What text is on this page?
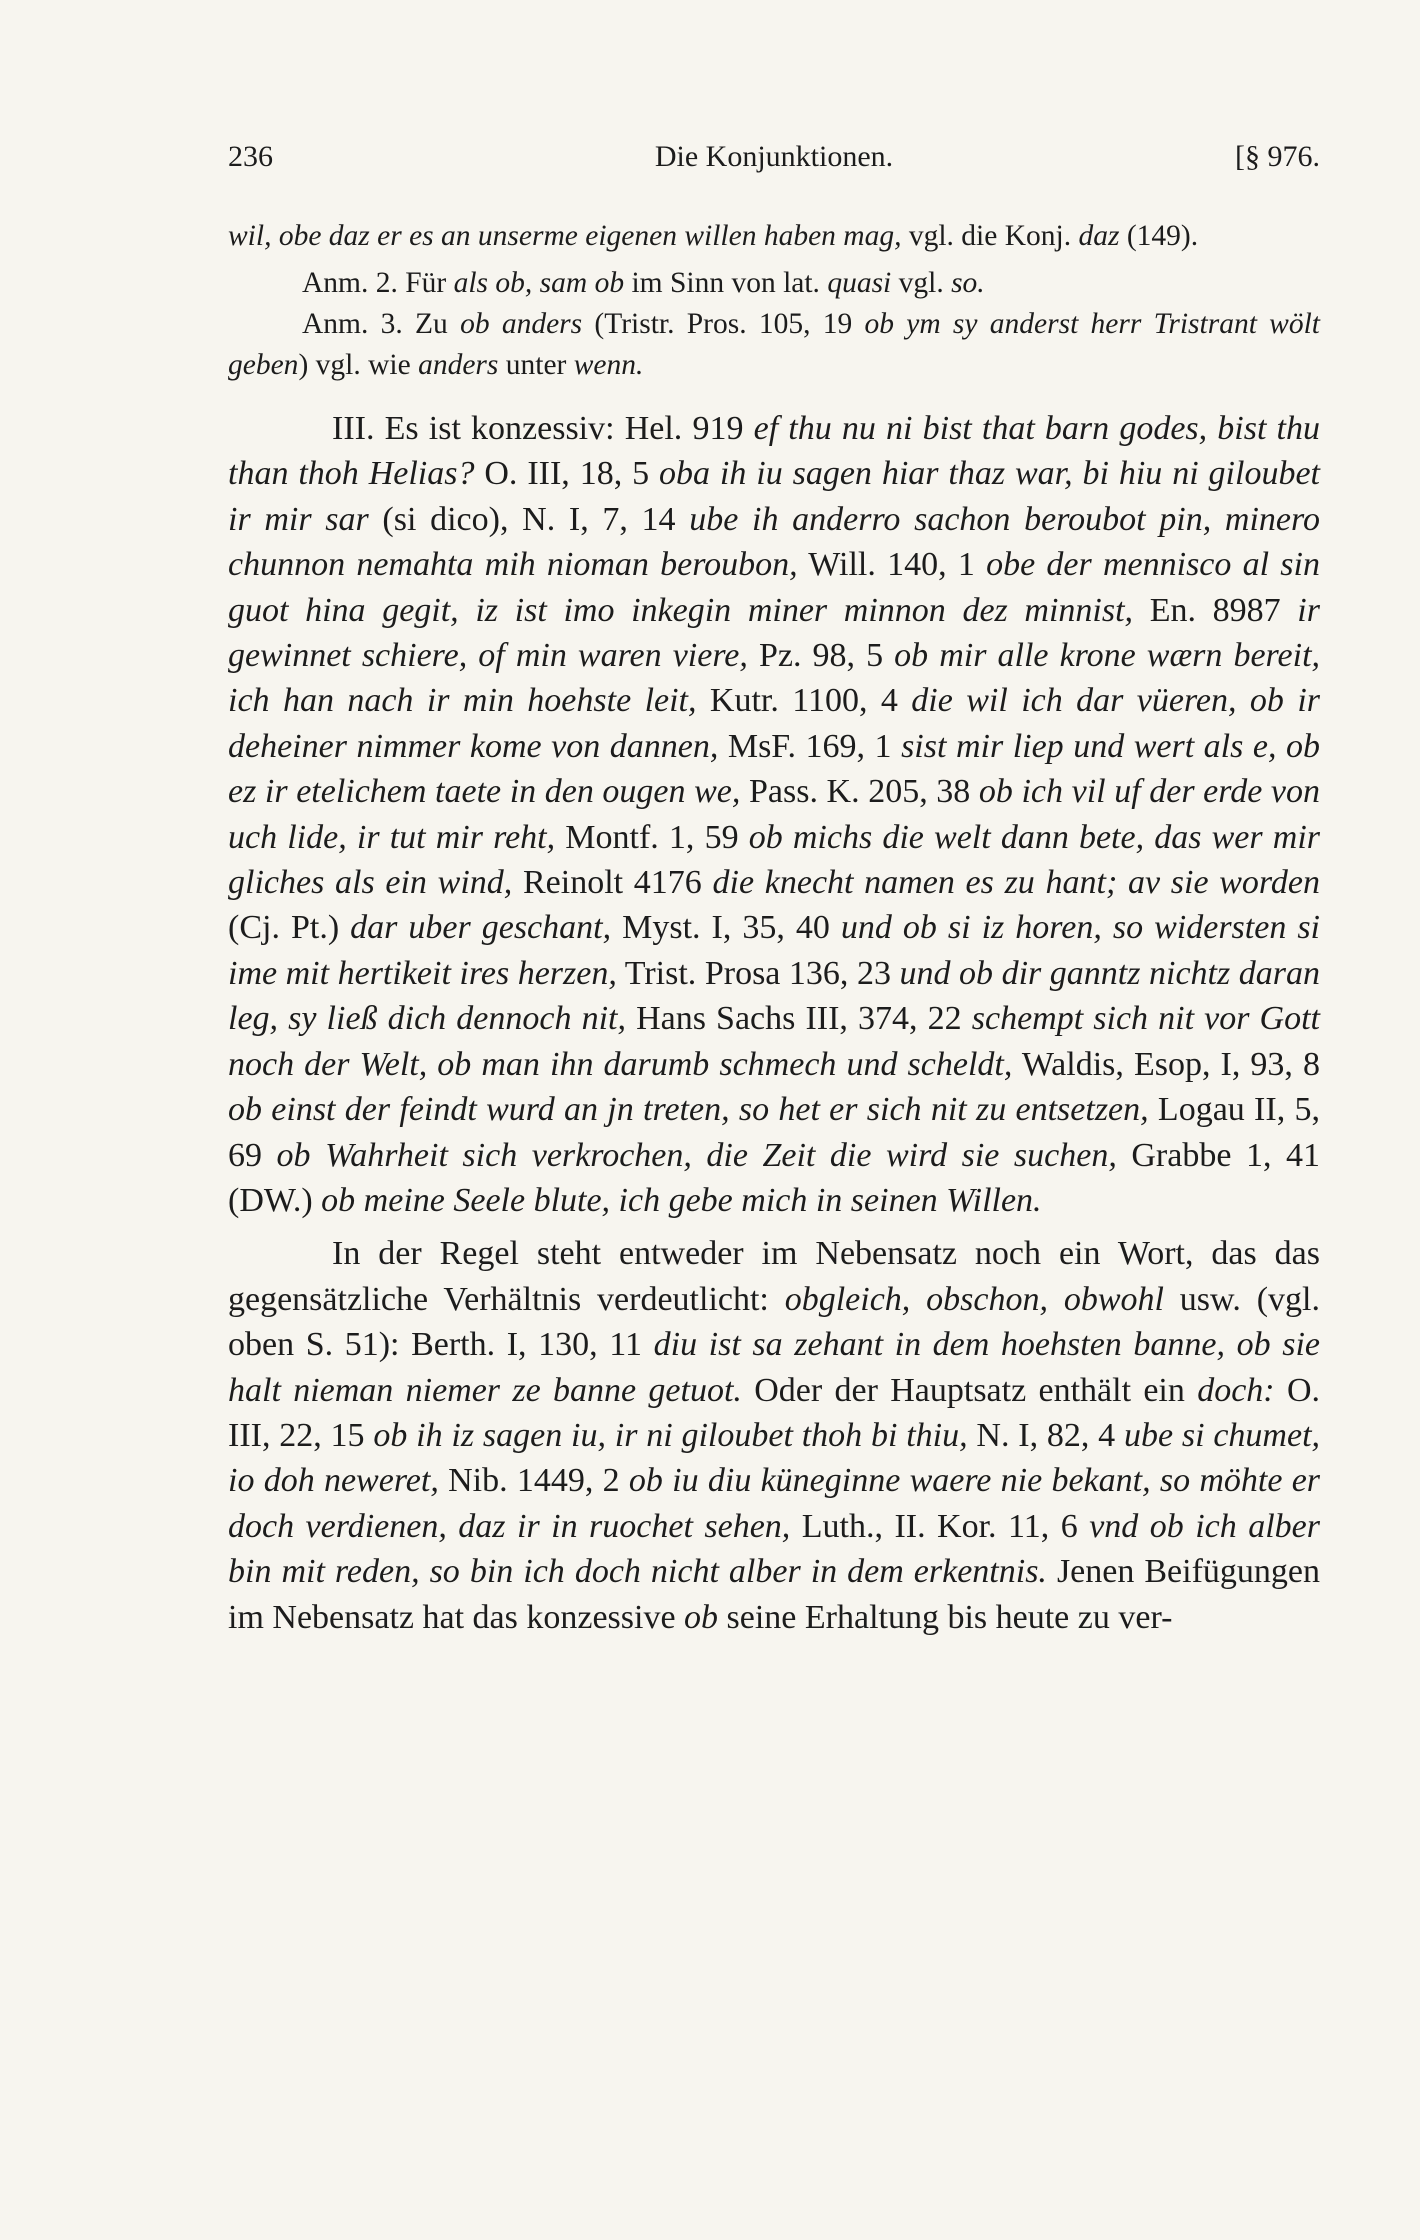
236	Die Konjunktionen.	[§ 976.

wil, obe daz er es an unserme eigenen willen haben mag, vgl. die Konj. daz (149).

Anm. 2. Für als ob, sam ob im Sinn von lat. quasi vgl. so.

Anm. 3. Zu ob anders (Tristr. Pros. 105, 19 ob ym sy anderst herr Tristrant wölt geben) vgl. wie anders unter wenn.

III. Es ist konzessiv: Hel. 919 ef thu nu ni bist that barn godes, bist thu than thoh Helias? O. III, 18, 5 oba ih iu sagen hiar thaz war, bi hiu ni giloubet ir mir sar (si dico), N. I, 7, 14 ube ih anderro sachon beroubot pin, minero chunnon nemahta mih nioman beroubon, Will. 140, 1 obe der mennisco al sin guot hina gegit, iz ist imo inkegin miner minnon dez minnist, En. 8987 ir gewinnet schiere, of min waren viere, Pz. 98, 5 ob mir alle krone wærn bereit, ich han nach ir min hoehste leit, Kutr. 1100, 4 die wil ich dar vüeren, ob ir deheiner nimmer kome von dannen, MsF. 169, 1 sist mir liep und wert als e, ob ez ir etelichem taete in den ougen we, Pass. K. 205, 38 ob ich vil uf der erde von uch lide, ir tut mir reht, Montf. 1, 59 ob michs die welt dann bete, das wer mir gliches als ein wind, Reinolt 4176 die knecht namen es zu hant; av sie worden (Cj. Pt.) dar uber geschant, Myst. I, 35, 40 und ob si iz horen, so widersten si ime mit hertikeit ires herzen, Trist. Prosa 136, 23 und ob dir ganntz nichtz daran leg, sy ließ dich dennoch nit, Hans Sachs III, 374, 22 schempt sich nit vor Gott noch der Welt, ob man ihn darumb schmech und scheldt, Waldis, Esop, I, 93, 8 ob einst der feindt wurd an jn treten, so het er sich nit zu entsetzen, Logau II, 5, 69 ob Wahrheit sich verkrochen, die Zeit die wird sie suchen, Grabbe 1, 41 (DW.) ob meine Seele blute, ich gebe mich in seinen Willen.

In der Regel steht entweder im Nebensatz noch ein Wort, das das gegensätzliche Verhältnis verdeutlicht: obgleich, obschon, obwohl usw. (vgl. oben S. 51): Berth. I, 130, 11 diu ist sa zehant in dem hoehsten banne, ob sie halt nieman niemer ze banne getuot. Oder der Hauptsatz enthält ein doch: O. III, 22, 15 ob ih iz sagen iu, ir ni giloubet thoh bi thiu, N. I, 82, 4 ube si chumet, io doh neweret, Nib. 1449, 2 ob iu diu küneginne waere nie bekant, so möhte er doch verdienen, daz ir in ruochet sehen, Luth., II. Kor. 11, 6 vnd ob ich alber bin mit reden, so bin ich doch nicht alber in dem erkentnis. Jenen Beifügungen im Nebensatz hat das konzessive ob seine Erhaltung bis heute zu ver-
